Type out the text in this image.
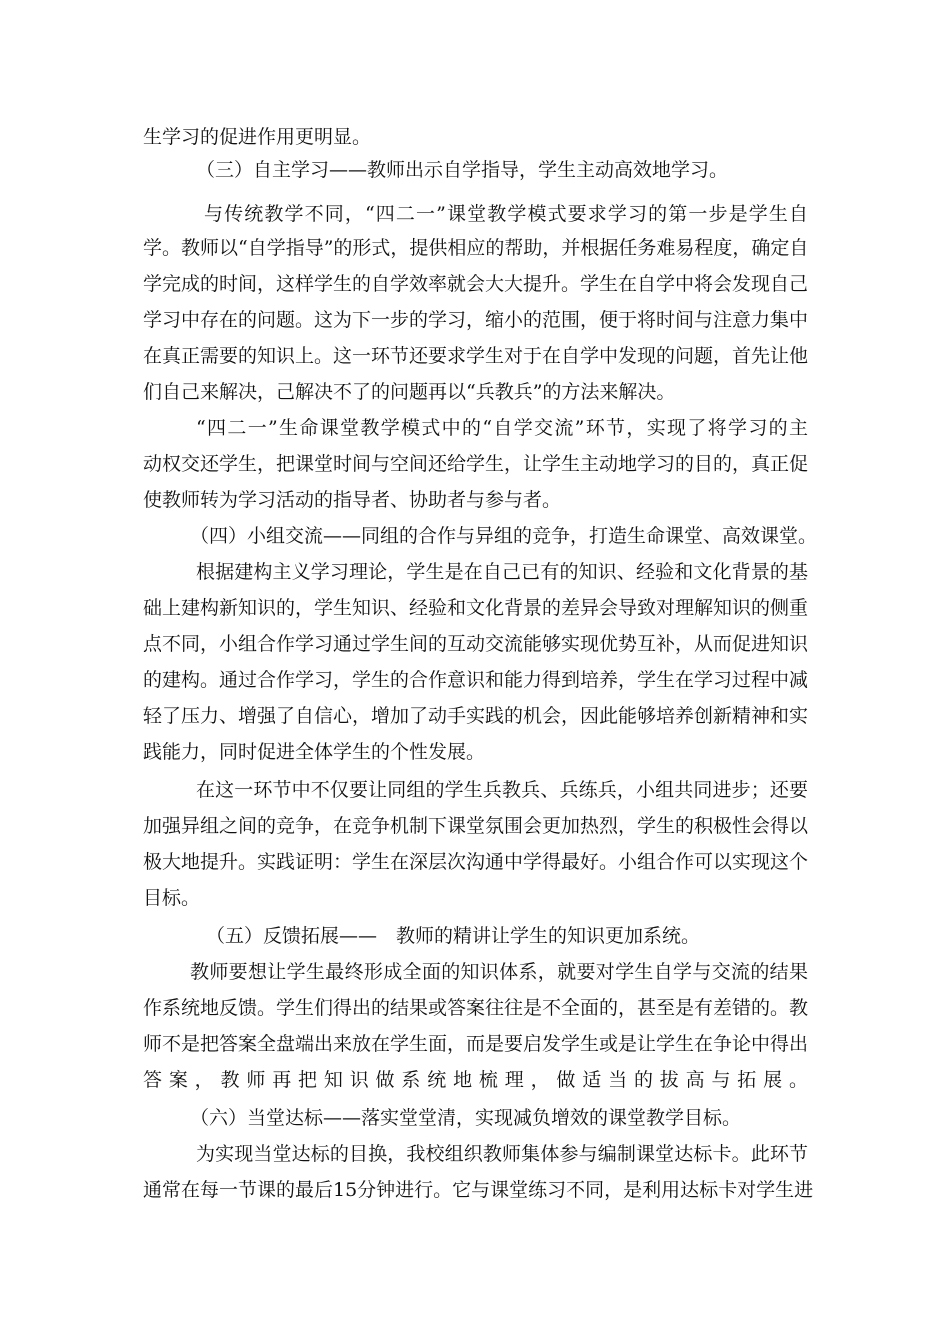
生学习的促进作用更明显。
（三）自主学习——教师出示自学指导，学生主动高效地学习。
与传统教学不同，“四二一”课堂教学模式要求学习的第一步是学生自
学。教师以“自学指导”的形式，提供相应的帮助，并根据任务难易程度，确定自
学完成的时间，这样学生的自学效率就会大大提升。学生在自学中将会发现自己
学习中存在的问题。这为下一步的学习，缩小的范围，便于将时间与注意力集中
在真正需要的知识上。这一环节还要求学生对于在自学中发现的问题，首先让他
们自己来解决，己解决不了的问题再以“兵教兵”的方法来解决。
“四二一”生命课堂教学模式中的“自学交流”环节，实现了将学习的主
动权交还学生，把课堂时间与空间还给学生，让学生主动地学习的目的，真正促
使教师转为学习活动的指导者、协助者与参与者。
（四）小组交流——同组的合作与异组的竞争，打造生命课堂、高效课堂。
根据建构主义学习理论，学生是在自己已有的知识、经验和文化背景的基
础上建构新知识的，学生知识、经验和文化背景的差异会导致对理解知识的侧重
点不同，小组合作学习通过学生间的互动交流能够实现优势互补，从而促进知识
的建构。通过合作学习，学生的合作意识和能力得到培养，学生在学习过程中减
轻了压力、增强了自信心，增加了动手实践的机会，因此能够培养创新精神和实
践能力，同时促进全体学生的个性发展。
在这一环节中不仅要让同组的学生兵教兵、兵练兵，小组共同进步；还要
加强异组之间的竞争，在竞争机制下课堂氛围会更加热烈，学生的积极性会得以
极大地提升。实践证明：学生在深层次沟通中学得最好。小组合作可以实现这个
目标。
（五）反馈拓展——　教师的精讲让学生的知识更加系统。
教师要想让学生最终形成全面的知识体系，就要对学生自学与交流的结果
作系统地反馈。学生们得出的结果或答案往往是不全面的，甚至是有差错的。教
师不是把答案全盘端出来放在学生面，而是要启发学生或是让学生在争论中得出
答案，教师再把知识做系统地梳理，做适当的拔高与拓展。
（六）当堂达标——落实堂堂清，实现减负增效的课堂教学目标。
为实现当堂达标的目换，我校组织教师集体参与编制课堂达标卡。此环节
通常在每一节课的最后15分钟进行。它与课堂练习不同，是利用达标卡对学生进
